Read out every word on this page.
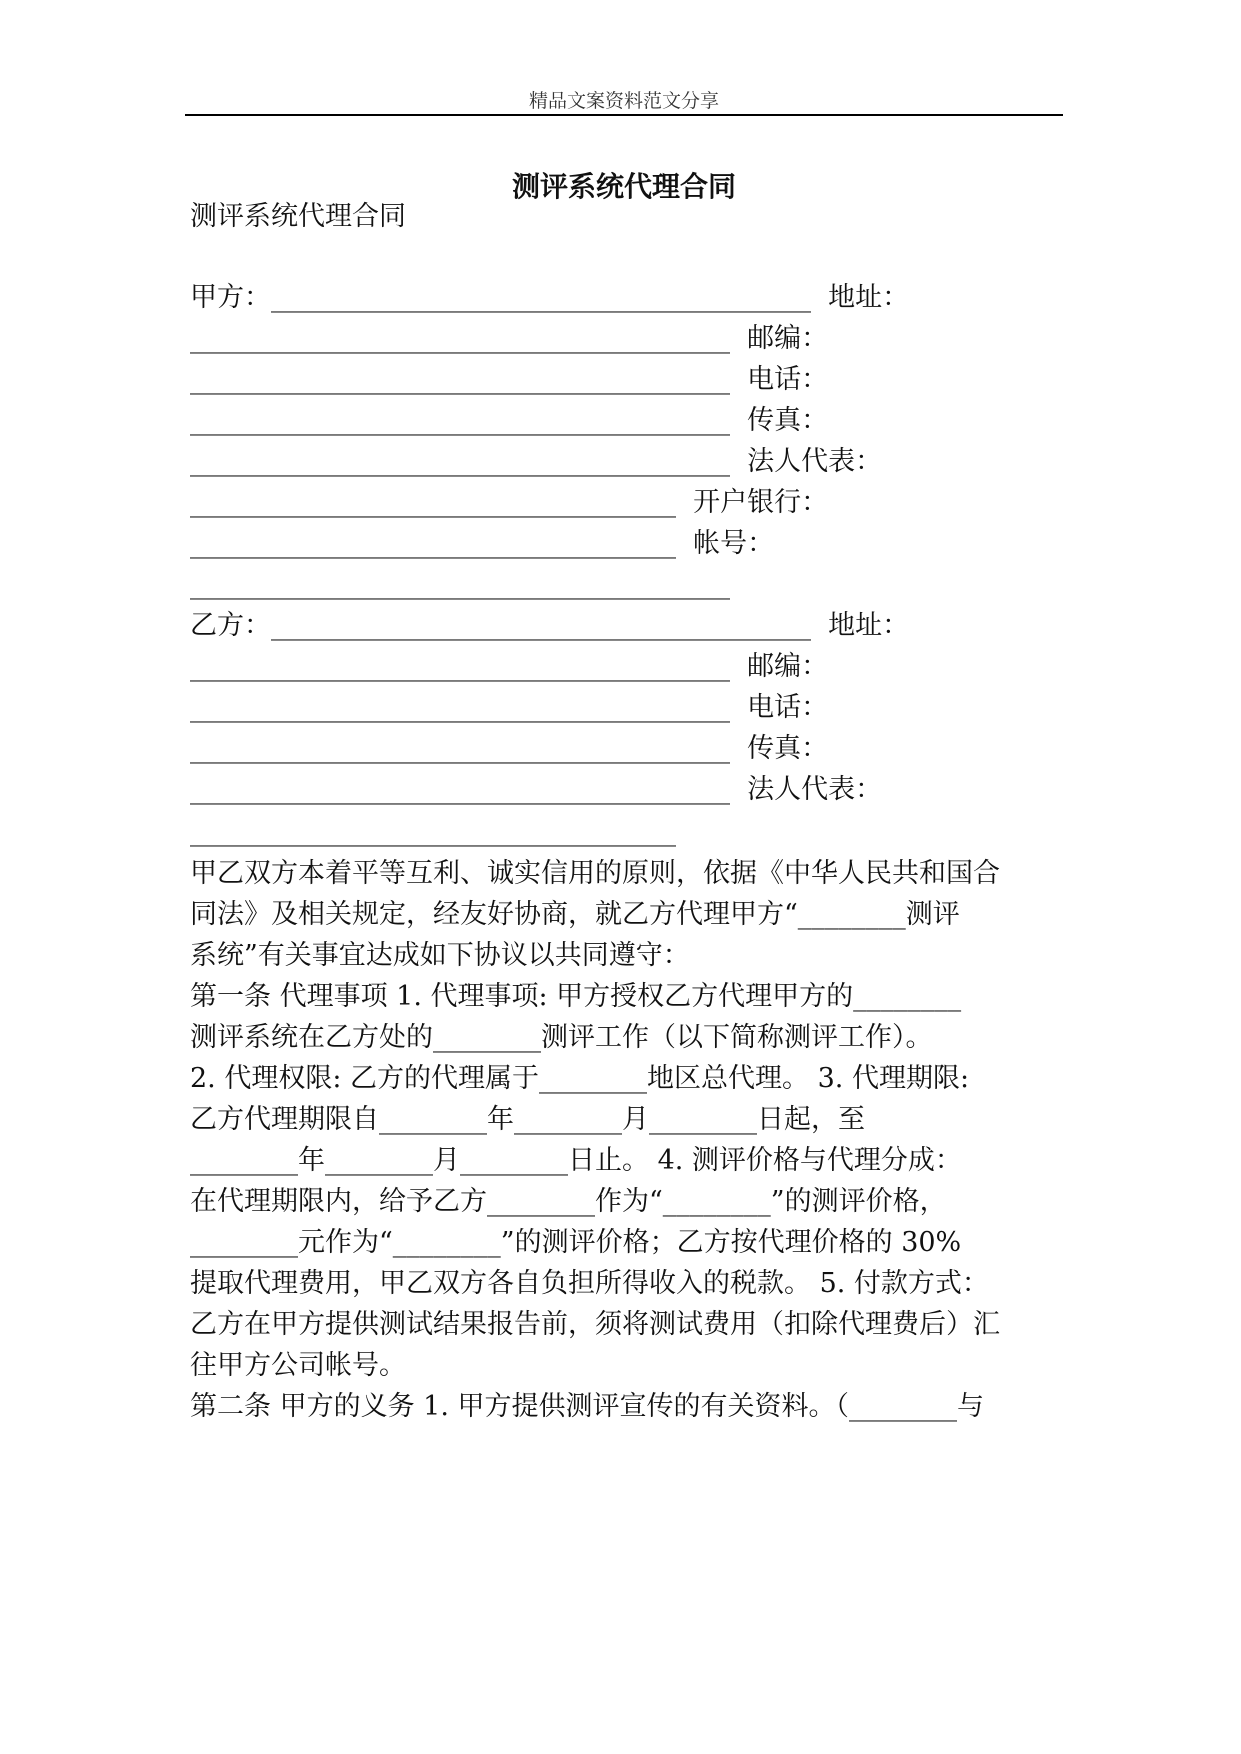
精品文案资料范文分享
测评系统代理合同
测评系统代理合同
甲方：________________________________________  地址：
________________________________________  邮编：
________________________________________  电话：
________________________________________  传真：
________________________________________  法人代表：
____________________________________  开户银行：
____________________________________  帐号：
________________________________________
乙方：________________________________________  地址：
________________________________________  邮编：
________________________________________  电话：
________________________________________  传真：
________________________________________  法人代表：
____________________________________
甲乙双方本着平等互利、诚实信用的原则，依据《中华人民共和国合
同法》及相关规定，经友好协商，就乙方代理甲方“________测评
系统”有关事宜达成如下协议以共同遵守：
第一条 代理事项 1. 代理事项: 甲方授权乙方代理甲方的________
测评系统在乙方处的________测评工作（以下简称测评工作）。
2. 代理权限: 乙方的代理属于________地区总代理。 3. 代理期限:
乙方代理期限自________年________月________日起，至
________年________月________日止。 4. 测评价格与代理分成：
在代理期限内，给予乙方________作为“________”的测评价格，
________元作为“________”的测评价格；乙方按代理价格的 30%
提取代理费用，甲乙双方各自负担所得收入的税款。 5. 付款方式：
乙方在甲方提供测试结果报告前，须将测试费用（扣除代理费后）汇
往甲方公司帐号。
第二条 甲方的义务 1. 甲方提供测评宣传的有关资料。（________与
